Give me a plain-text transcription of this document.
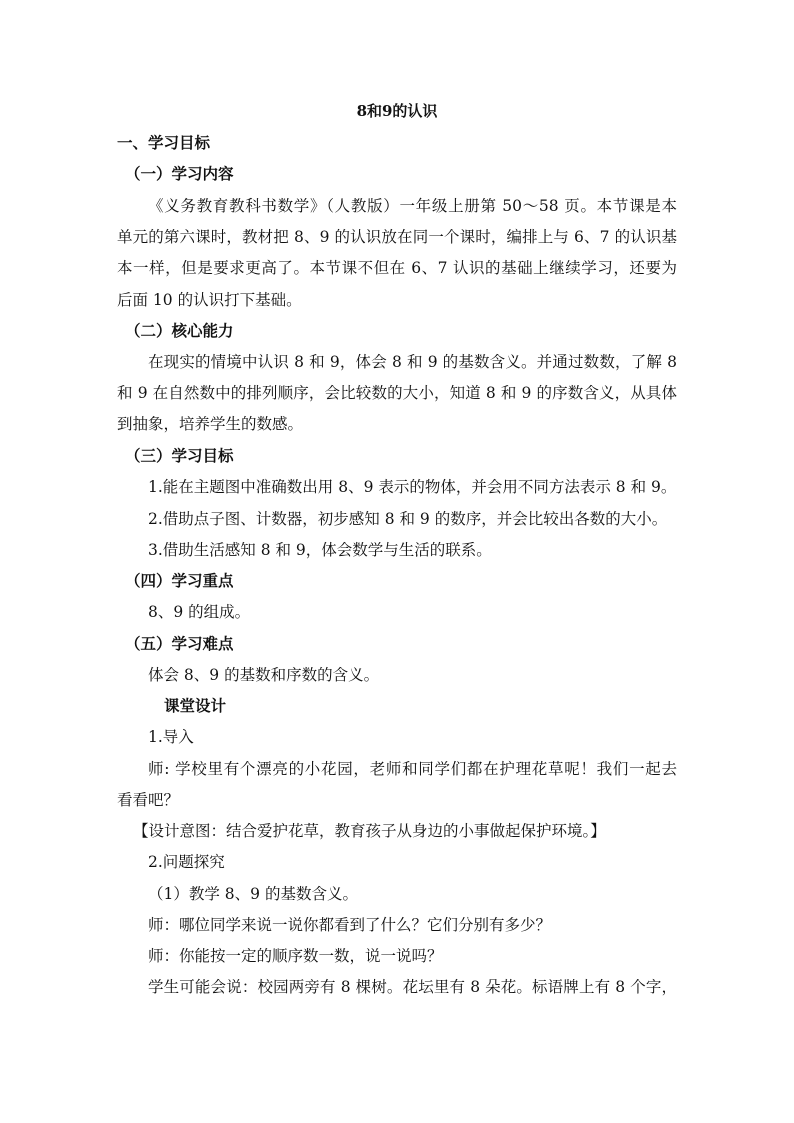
8和9的认识
一、学习目标
（一）学习内容
《义务教育教科书数学》（人教版）一年级上册第 50～58 页。本节课是本
单元的第六课时，教材把 8、9 的认识放在同一个课时，编排上与 6、7 的认识基
本一样，但是要求更高了。本节课不但在 6、7 认识的基础上继续学习，还要为
后面 10 的认识打下基础。
（二）核心能力
在现实的情境中认识 8 和 9，体会 8 和 9 的基数含义。并通过数数，了解 8
和 9 在自然数中的排列顺序，会比较数的大小，知道 8 和 9 的序数含义，从具体
到抽象，培养学生的数感。
（三）学习目标
1.能在主题图中准确数出用 8、9 表示的物体，并会用不同方法表示 8 和 9。
2.借助点子图、计数器，初步感知 8 和 9 的数序，并会比较出各数的大小。
3.借助生活感知 8 和 9，体会数学与生活的联系。
（四）学习重点
8、9 的组成。
（五）学习难点
体会 8、9 的基数和序数的含义。
课堂设计
1.导入
师: 学校里有个漂亮的小花园，老师和同学们都在护理花草呢！我们一起去
看看吧？
【设计意图：结合爱护花草，教育孩子从身边的小事做起保护环境。】
2.问题探究
（1）教学 8、9 的基数含义。
师：哪位同学来说一说你都看到了什么？它们分别有多少？
师：你能按一定的顺序数一数，说一说吗？
学生可能会说：校园两旁有 8 棵树。花坛里有 8 朵花。标语牌上有 8 个字，
